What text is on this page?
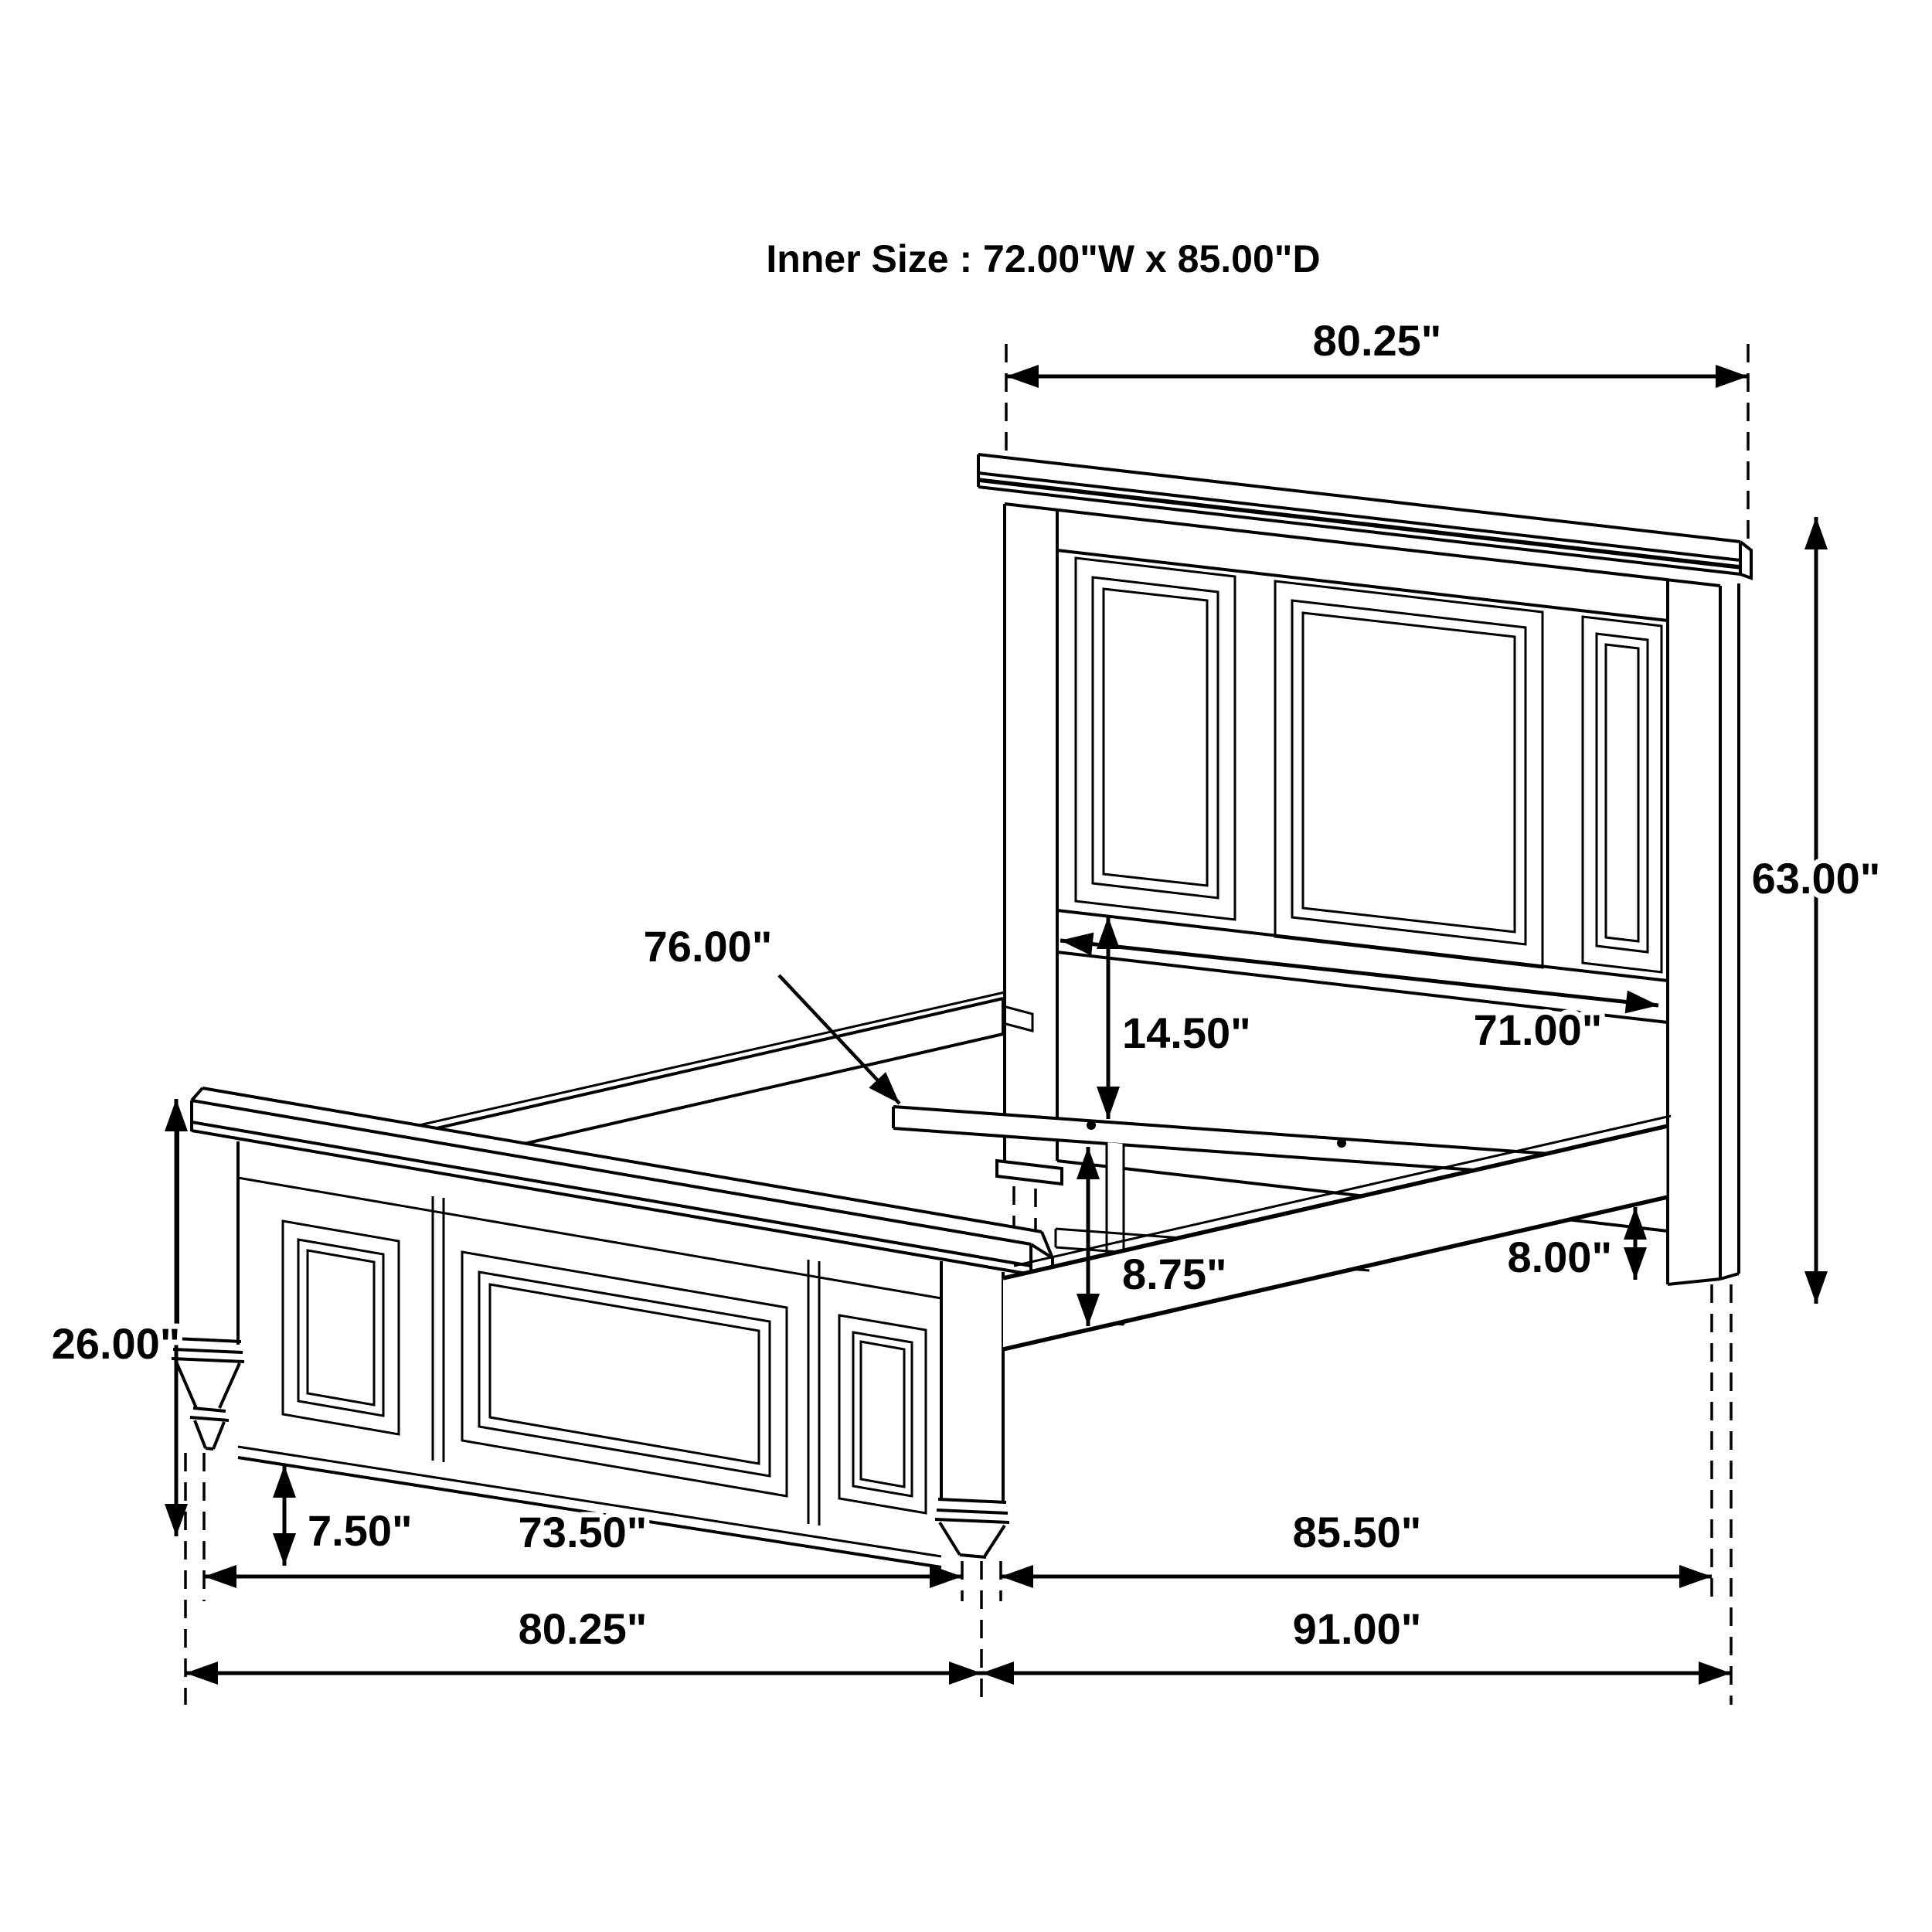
Inner Size : 72.00"W x 85.00"D
80.25"
63.00"
71.00"
14.50"
76.00"
8.75"	8.00"
26.00"
7.50" 73.50"	85.50"
80.25"	91.00"
